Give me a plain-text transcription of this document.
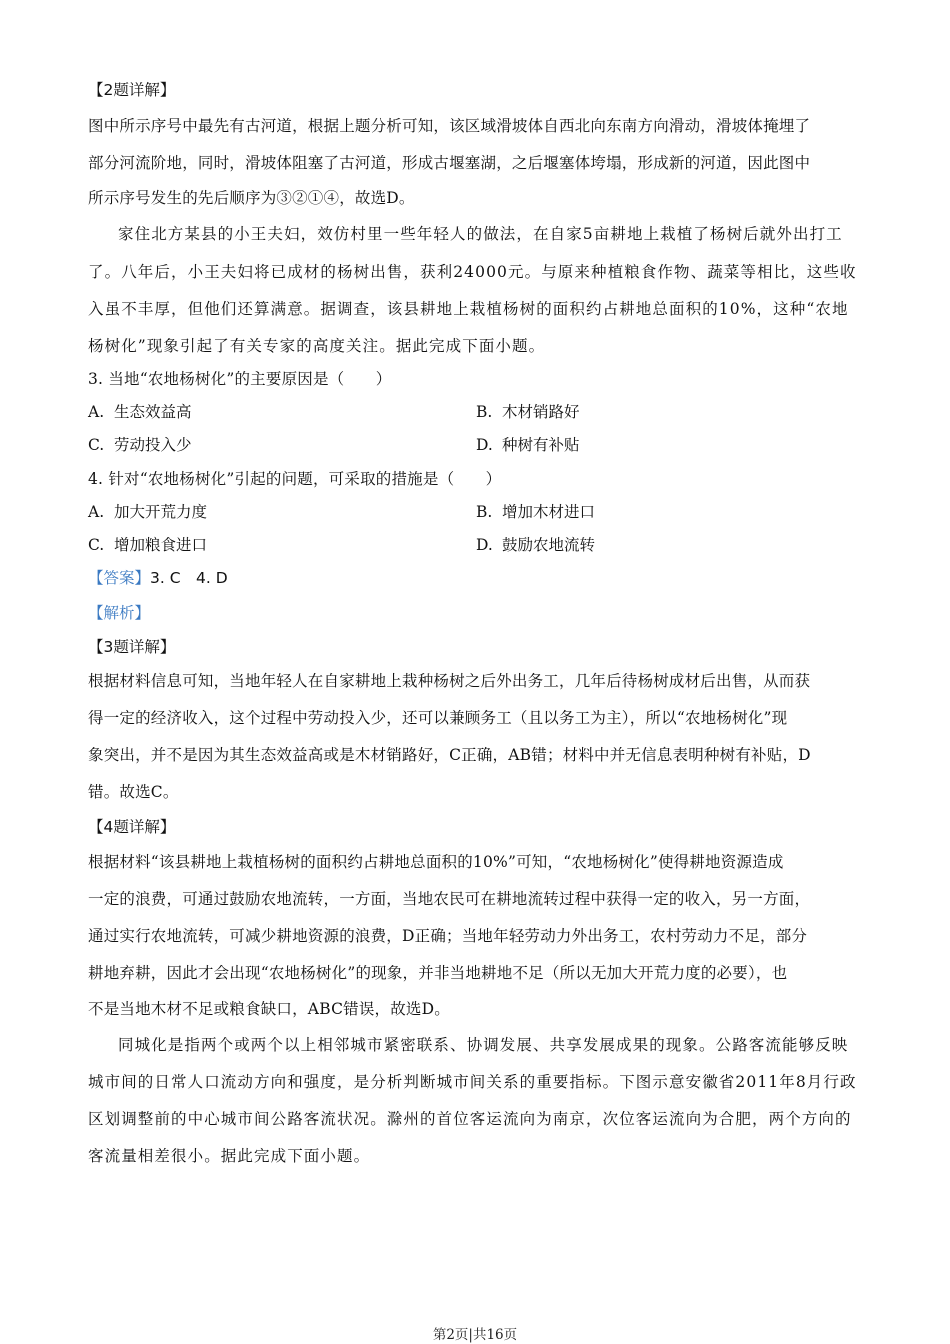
【2题详解】
图中所示序号中最先有古河道，根据上题分析可知，该区域滑坡体自西北向东南方向滑动，滑坡体掩埋了
部分河流阶地，同时，滑坡体阻塞了古河道，形成古堰塞湖，之后堰塞体垮塌，形成新的河道，因此图中
所示序号发生的先后顺序为③②①④，故选D。
家住北方某县的小王夫妇，效仿村里一些年轻人的做法，在自家5亩耕地上栽植了杨树后就外出打工
了。八年后，小王夫妇将已成材的杨树出售，获利24000元。与原来种植粮食作物、蔬菜等相比，这些收
入虽不丰厚，但他们还算满意。据调查，该县耕地上栽植杨树的面积约占耕地总面积的10%，这种“农地
杨树化”现象引起了有关专家的高度关注。据此完成下面小题。
3. 当地“农地杨树化”的主要原因是（　　）
A. 生态效益高	B. 木材销路好
C. 劳动投入少	D. 种树有补贴
4. 针对“农地杨树化”引起的问题，可采取的措施是（　　）
A. 加大开荒力度	B. 增加木材进口
C. 增加粮食进口	D. 鼓励农地流转
【答案】3. C　4. D
【解析】
【3题详解】
根据材料信息可知，当地年轻人在自家耕地上栽种杨树之后外出务工，几年后待杨树成材后出售，从而获
得一定的经济收入，这个过程中劳动投入少，还可以兼顾务工（且以务工为主），所以“农地杨树化”现
象突出，并不是因为其生态效益高或是木材销路好，C正确，AB错；材料中并无信息表明种树有补贴，D
错。故选C。
【4题详解】
根据材料“该县耕地上栽植杨树的面积约占耕地总面积的10%”可知，“农地杨树化”使得耕地资源造成
一定的浪费，可通过鼓励农地流转，一方面，当地农民可在耕地流转过程中获得一定的收入，另一方面，
通过实行农地流转，可减少耕地资源的浪费，D正确；当地年轻劳动力外出务工，农村劳动力不足，部分
耕地弃耕，因此才会出现“农地杨树化”的现象，并非当地耕地不足（所以无加大开荒力度的必要），也
不是当地木材不足或粮食缺口，ABC错误，故选D。
同城化是指两个或两个以上相邻城市紧密联系、协调发展、共享发展成果的现象。公路客流能够反映
城市间的日常人口流动方向和强度，是分析判断城市间关系的重要指标。下图示意安徽省2011年8月行政
区划调整前的中心城市间公路客流状况。滁州的首位客运流向为南京，次位客运流向为合肥，两个方向的
客流量相差很小。据此完成下面小题。
第2页|共16页
